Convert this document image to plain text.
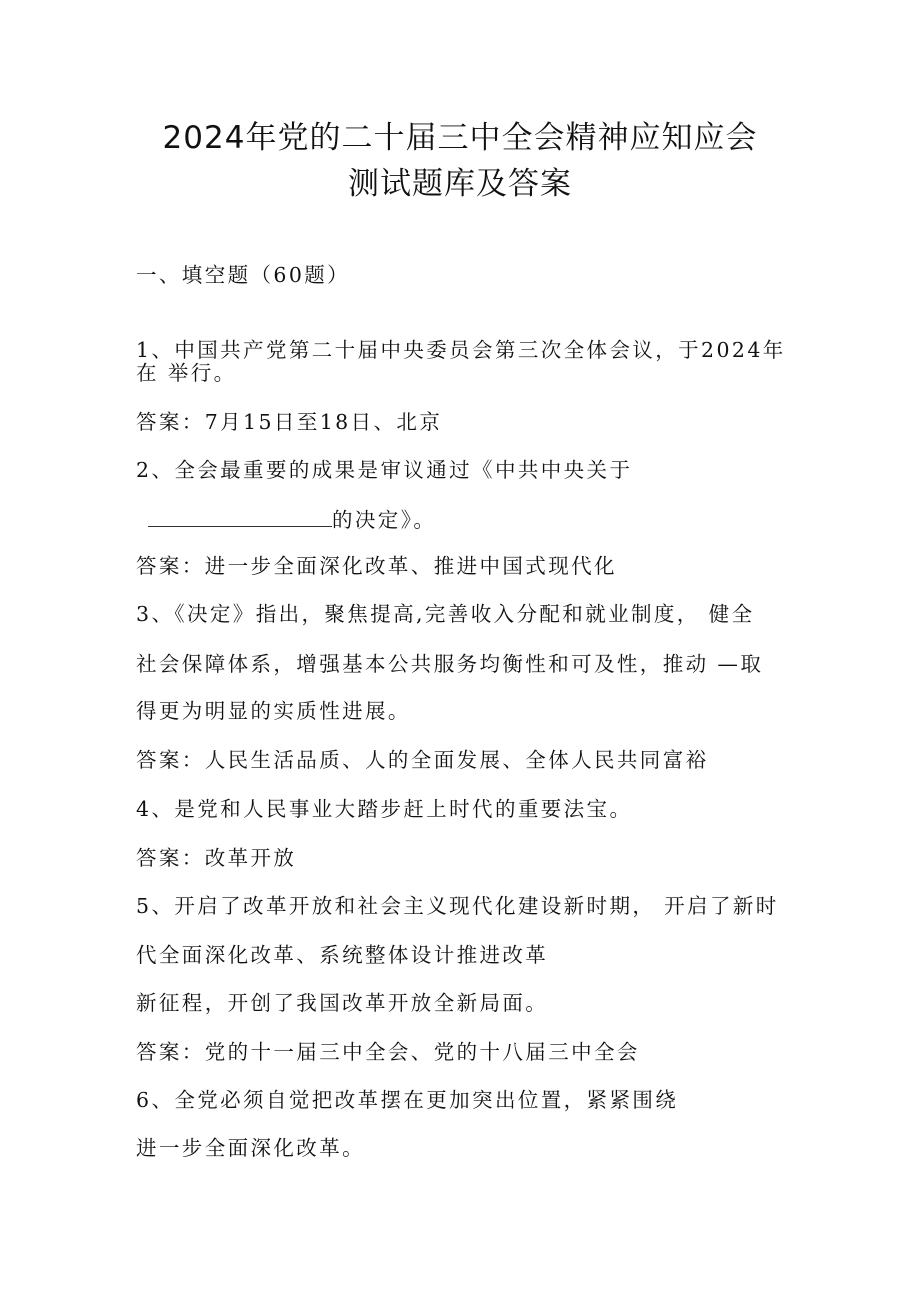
2024年党的二十届三中全会精神应知应会
测试题库及答案
一、填空题（60题）
1、中国共产党第二十届中央委员会第三次全体会议，于2024年
在 举行。
答案：7月15日至18日、北京
2、全会最重要的成果是审议通过《中共中央关于
的决定》。
答案：进一步全面深化改革、推进中国式现代化
3、《决定》指出，聚焦提高,完善收入分配和就业制度， 健全
社会保障体系，增强基本公共服务均衡性和可及性，推动 —取
得更为明显的实质性进展。
答案：人民生活品质、人的全面发展、全体人民共同富裕
4、是党和人民事业大踏步赶上时代的重要法宝。
答案：改革开放
5、开启了改革开放和社会主义现代化建设新时期， 开启了新时
代全面深化改革、系统整体设计推进改革
新征程，开创了我国改革开放全新局面。
答案：党的十一届三中全会、党的十八届三中全会
6、全党必须自觉把改革摆在更加突出位置，紧紧围绕
进一步全面深化改革。
